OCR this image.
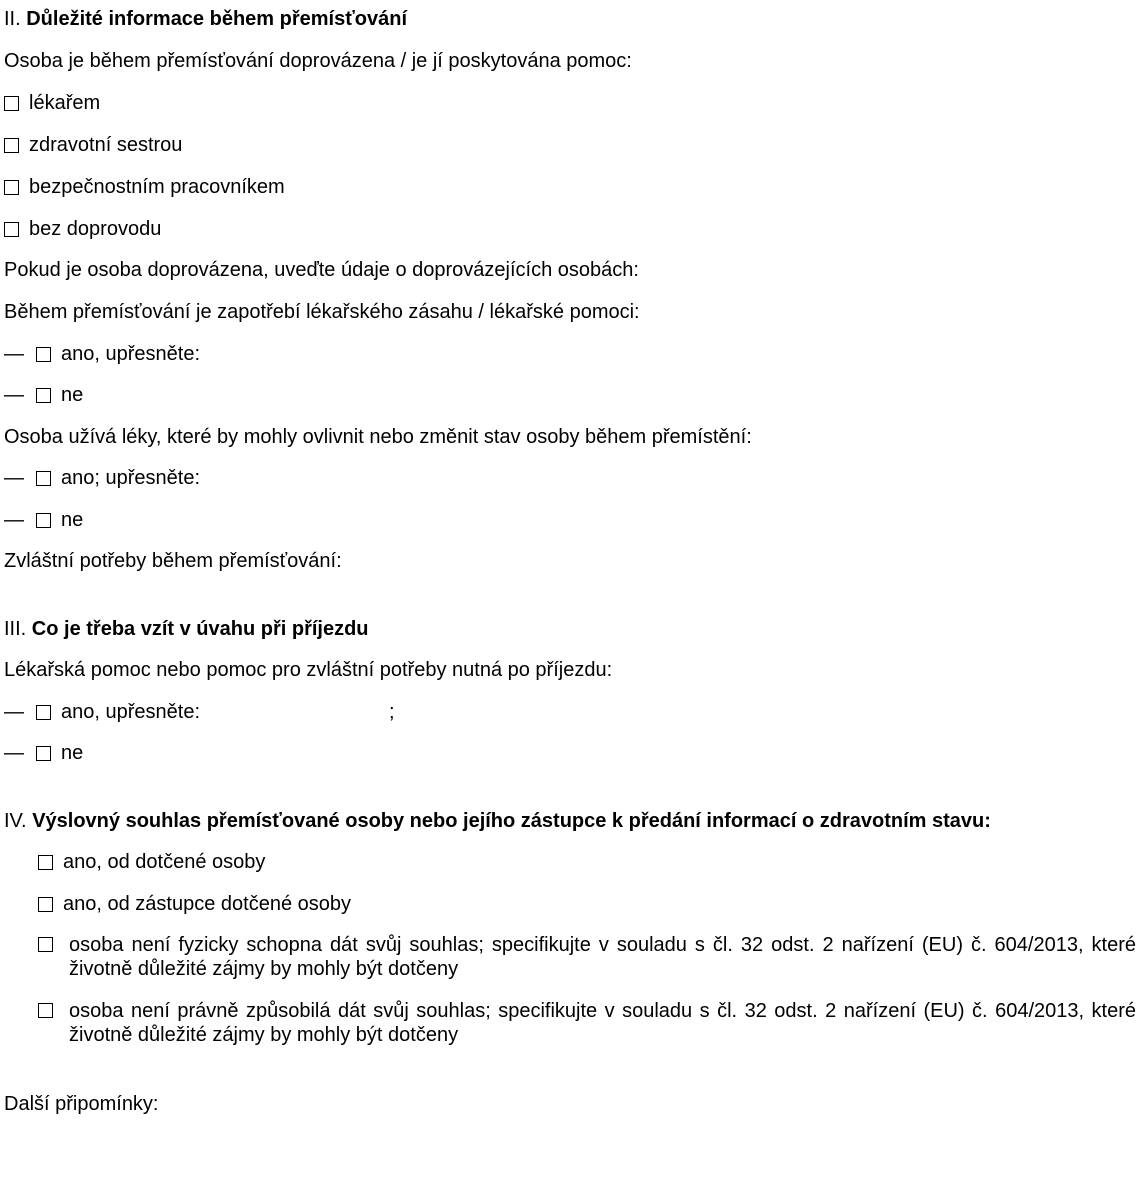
II. Důležité informace během přemísťování
Osoba je během přemísťování doprovázena / je jí poskytována pomoc:
lékařem
zdravotní sestrou
bezpečnostním pracovníkem
bez doprovodu
Pokud je osoba doprovázena, uveďte údaje o doprovázejících osobách:
Během přemísťování je zapotřebí lékařského zásahu / lékařské pomoci:
— ano, upřesněte:
— ne
Osoba užívá léky, které by mohly ovlivnit nebo změnit stav osoby během přemístění:
— ano; upřesněte:
— ne
Zvláštní potřeby během přemísťování:
III. Co je třeba vzít v úvahu při příjezdu
Lékařská pomoc nebo pomoc pro zvláštní potřeby nutná po příjezdu:
— ano, upřesněte:	;
— ne
IV. Výslovný souhlas přemísťované osoby nebo jejího zástupce k předání informací o zdravotním stavu:
ano, od dotčené osoby
ano, od zástupce dotčené osoby
osoba není fyzicky schopna dát svůj souhlas; specifikujte v souladu s čl. 32 odst. 2 nařízení (EU) č. 604/2013, které životně důležité zájmy by mohly být dotčeny
osoba není právně způsobilá dát svůj souhlas; specifikujte v souladu s čl. 32 odst. 2 nařízení (EU) č. 604/2013, které životně důležité zájmy by mohly být dotčeny
Další připomínky:
